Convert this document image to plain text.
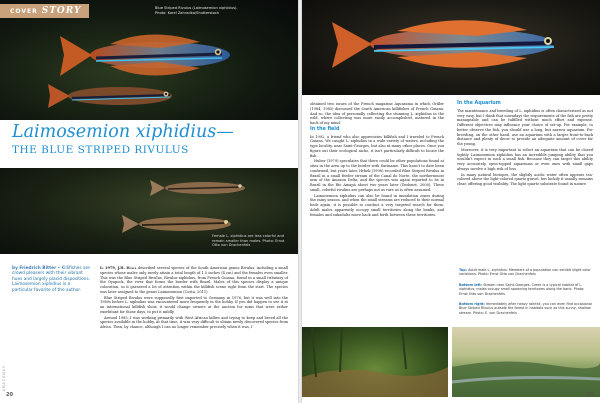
COVER STORY	Blue Striped Rivulus (Laimosemion xiphidius). Photo: Karel Zahradka/Shutterstock
Laimosemion xiphidius—
THE BLUE STRIPED RIVULUS
Female L. xiphidius are less colorful and remain smaller than males. Photo: Ernst Otto von Drachenfels
by Friedrich Bitter • Killifishes are crowd pleasers with their vibrant hues and largely placid dispositions. Laimosemion xiphidius is a particular favorite of the author.

In 1979, J.H. Huber described several species of the South American genus Rivulus, including a small species whose males only rarely attain a total length of 1.5 inches (4 cm) and the females even smaller. This was the Blue Striped Rivulus, Rivulus xiphidius, from French Guiana, found in a small tributary of the Oyapock, the river that forms the border with Brazil. Males of this species display a unique coloration, so it garnered a lot of attention within the killifish scene right from the start. The species was later assigned to the genus Laimosemion (Costa, 2011).

Blue Striped Rivulus were supposedly first imported to Germany in 1976, but it was well into the 1980s before L. xiphidius was encountered more frequently in the hobby. If you did happen to see it at an international killifish show, it would change owners at the auction for sums that were rather exorbitant for those days, to put it mildly.

Around 1985, I was working primarily with West African killies and trying to keep and breed all the species available in the hobby. At that time, it was very difficult to obtain newly discovered species from Africa. Then, by chance, although I can no longer remember precisely when it was, I

AMAZONAS
20

obtained two issues of the French magazine Aquarama in which Oriller (1984, 1985) discussed the South American killifishes of French Guiana. And so, the idea of personally collecting the stunning L. xiphidius in the wild, where collecting was more easily accomplished, matured in the back of my mind.

In the field

In 1992, a friend who also appreciates killifish and I traveled to French Guiana. We caught L. xiphidius in a wide variety of waters, including the type locality, near Saint-Georges, but also at many other places. Once you figure out their ecological niche, it isn't particularly difficult to locate the fish.

Huber (1979) speculates that there could be other populations found at sites in the area up to the border with Suriname. This hasn't to date been confirmed, but years later, Hrbek (1998) recorded Blue Striped Rivulus in Brazil in a small feeder stream of the Canal do Norte, the northernmost arm of the Amazon Delta, and the species was again reported to be in Brazil in the Rio Amapá about two years later (Dedonet, 2000). These small, colorful rivulins are perhaps not as rare as is often assumed.

Laimosemion xiphidius can also be found in inundation zones during the rainy season, and when the small streams are reduced to their normal beds again, it is possible to conduct a very targeted search for them. Adult males apparently occupy small territories along the banks, and females and subadults move back and forth between these territories.

In the Aquarium

The maintenance and breeding of L. xiphidius is often characterized as not very easy, but I think that nowadays the requirements of the fish are pretty manageable and can be fulfilled without much effort and expense. Different objectives may influence your choice of set-up. For example, to better observe the fish, you should use a long, but narrow aquarium. For breeding, on the other hand, use an aquarium with a larger front-to-back distance and plenty of decor to provide an adequate amount of cover for the young.

Moreover, it is very important to select an aquarium that can be closed tightly. Laimosemion xiphidius has an incredible jumping ability that you wouldn't expect in such a small fish. Because they can target this ability very accurately, open-topped aquariums or even ones with small gaps always involve a high risk of loss.

In many natural biotopes, the slightly acidic water often appears tea-colored above the light-colored quartz gravel, but luckily it usually remains clear, offering good visibility. The light quartz substrate found in nature

Top: Adult male L. xiphidius. Members of a population can exhibit slight color variations. Photo: Ernst Otto von Drachenfels
Bottom left: Stream near Saint-Georges. Creek is a typical habitat of L. xiphidius; males occupy small spawning territories along the bank. Photo: Ernst Otto von Drachenfels
Bottom right: Immediately after heavy rainfall, you can even find occasional Blue Striped Rivulus outside the forest in habitats such as this sunny, shallow stream. Photo: E. von Drachenfels
21
